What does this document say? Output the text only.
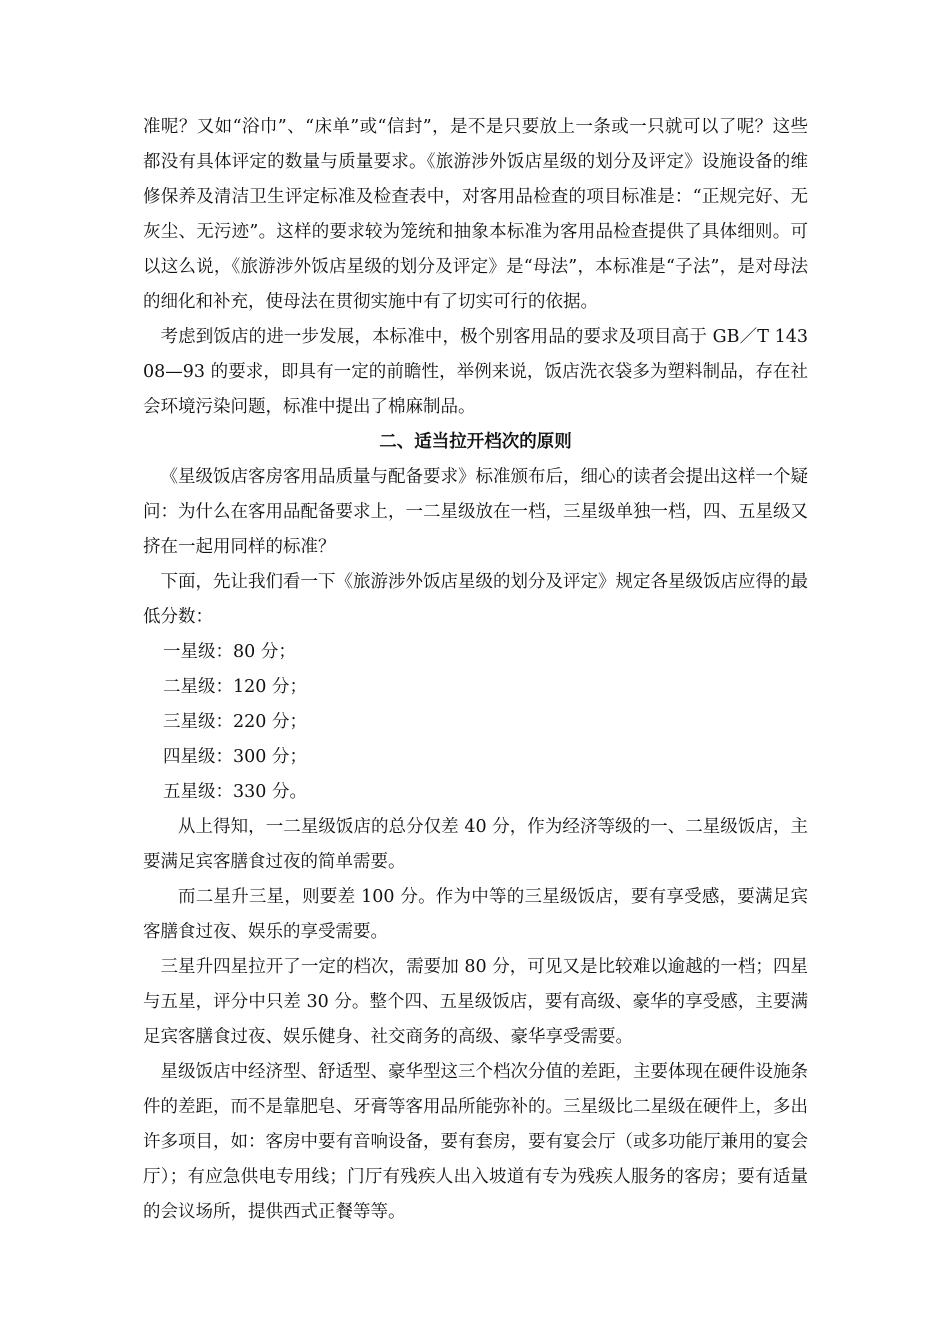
准呢？又如“浴巾”、“床单”或“信封”，是不是只要放上一条或一只就可以了呢？这些都没有具体评定的数量与质量要求。《旅游涉外饭店星级的划分及评定》设施设备的维修保养及清洁卫生评定标准及检查表中，对客用品检查的项目标准是：“正规完好、无灰尘、无污迹”。这样的要求较为笼统和抽象本标准为客用品检查提供了具体细则。可以这么说，《旅游涉外饭店星级的划分及评定》是“母法”，本标准是“子法”，是对母法的细化和补充，使母法在贯彻实施中有了切实可行的依据。

考虑到饭店的进一步发展，本标准中，极个别客用品的要求及项目高于 GB／T 14308—93 的要求，即具有一定的前瞻性，举例来说，饭店洗衣袋多为塑料制品，存在社会环境污染问题，标准中提出了棉麻制品。

二、适当拉开档次的原则

《星级饭店客房客用品质量与配备要求》标准颁布后，细心的读者会提出这样一个疑问：为什么在客用品配备要求上，一二星级放在一档，三星级单独一档，四、五星级又挤在一起用同样的标准？

下面，先让我们看一下《旅游涉外饭店星级的划分及评定》规定各星级饭店应得的最低分数：

一星级：80 分；

二星级：120 分；

三星级：220 分；

四星级：300 分；

五星级：330 分。

从上得知，一二星级饭店的总分仅差 40 分，作为经济等级的一、二星级饭店，主要满足宾客膳食过夜的简单需要。

而二星升三星，则要差 100 分。作为中等的三星级饭店，要有享受感，要满足宾客膳食过夜、娱乐的享受需要。

三星升四星拉开了一定的档次，需要加 80 分，可见又是比较难以逾越的一档；四星与五星，评分中只差 30 分。整个四、五星级饭店，要有高级、豪华的享受感，主要满足宾客膳食过夜、娱乐健身、社交商务的高级、豪华享受需要。

星级饭店中经济型、舒适型、豪华型这三个档次分值的差距，主要体现在硬件设施条件的差距，而不是靠肥皂、牙膏等客用品所能弥补的。三星级比二星级在硬件上，多出许多项目，如：客房中要有音响设备，要有套房，要有宴会厅（或多功能厅兼用的宴会厅）；有应急供电专用线；门厅有残疾人出入坡道有专为残疾人服务的客房；要有适量的会议场所，提供西式正餐等等。
